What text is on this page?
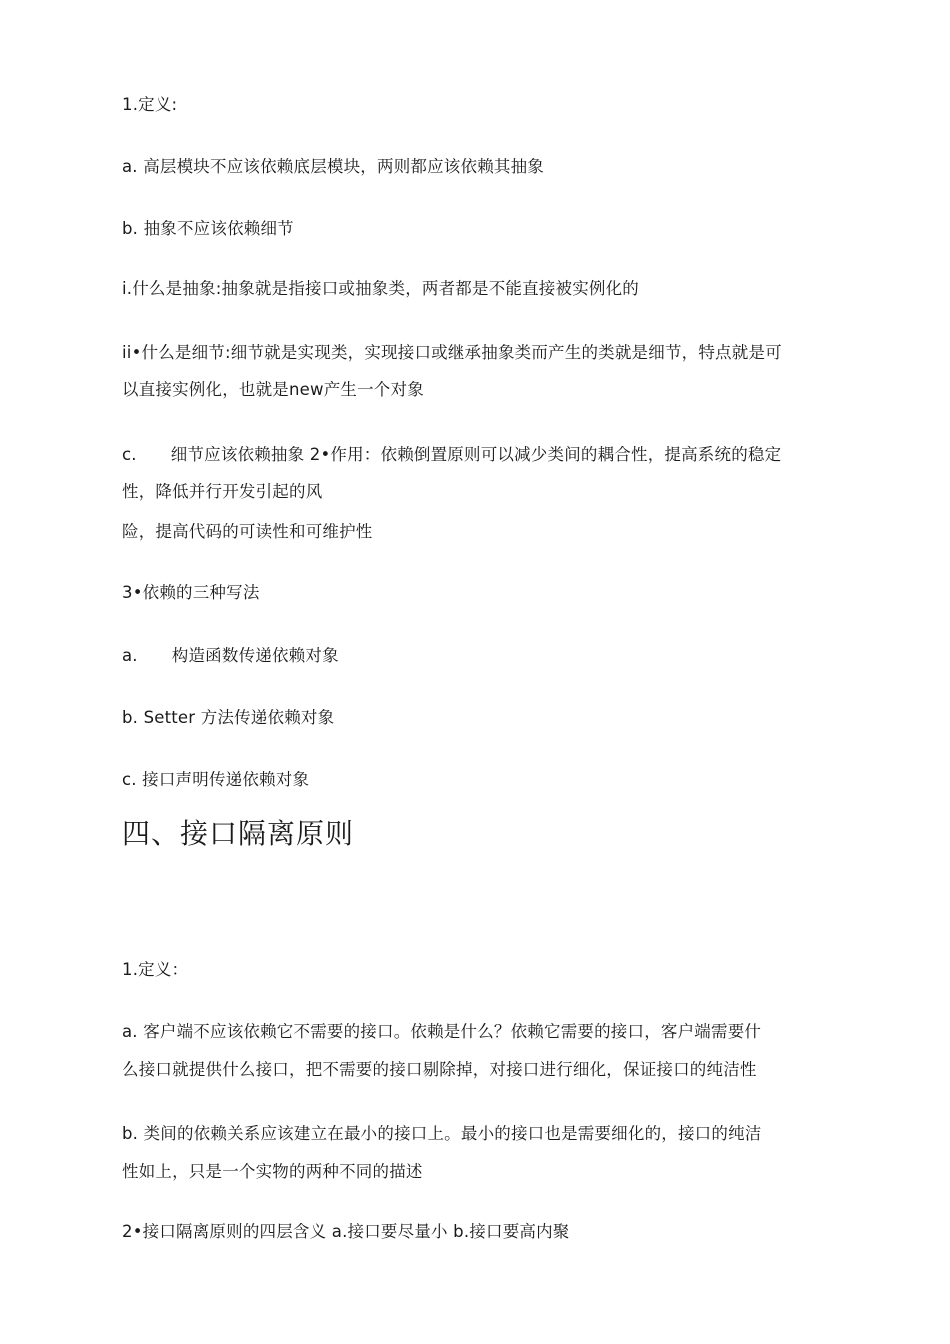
1.定义:
a. 高层模块不应该依赖底层模块，两则都应该依赖其抽象
b. 抽象不应该依赖细节
i.什么是抽象:抽象就是指接口或抽象类，两者都是不能直接被实例化的
ii•什么是细节:细节就是实现类，实现接口或继承抽象类而产生的类就是细节，特点就是可
以直接实例化，也就是new产生一个对象
c. 细节应该依赖抽象 2•作用：依赖倒置原则可以减少类间的耦合性，提高系统的稳定
性，降低并行开发引起的风
险，提高代码的可读性和可维护性
3•依赖的三种写法
a. 构造函数传递依赖对象
b. Setter 方法传递依赖对象
c. 接口声明传递依赖对象
四、接口隔离原则
1.定义：
a. 客户端不应该依赖它不需要的接口。依赖是什么？依赖它需要的接口，客户端需要什
么接口就提供什么接口，把不需要的接口剔除掉，对接口进行细化，保证接口的纯洁性
b. 类间的依赖关系应该建立在最小的接口上。最小的接口也是需要细化的，接口的纯洁
性如上，只是一个实物的两种不同的描述
2•接口隔离原则的四层含义 a.接口要尽量小 b.接口要高内聚
